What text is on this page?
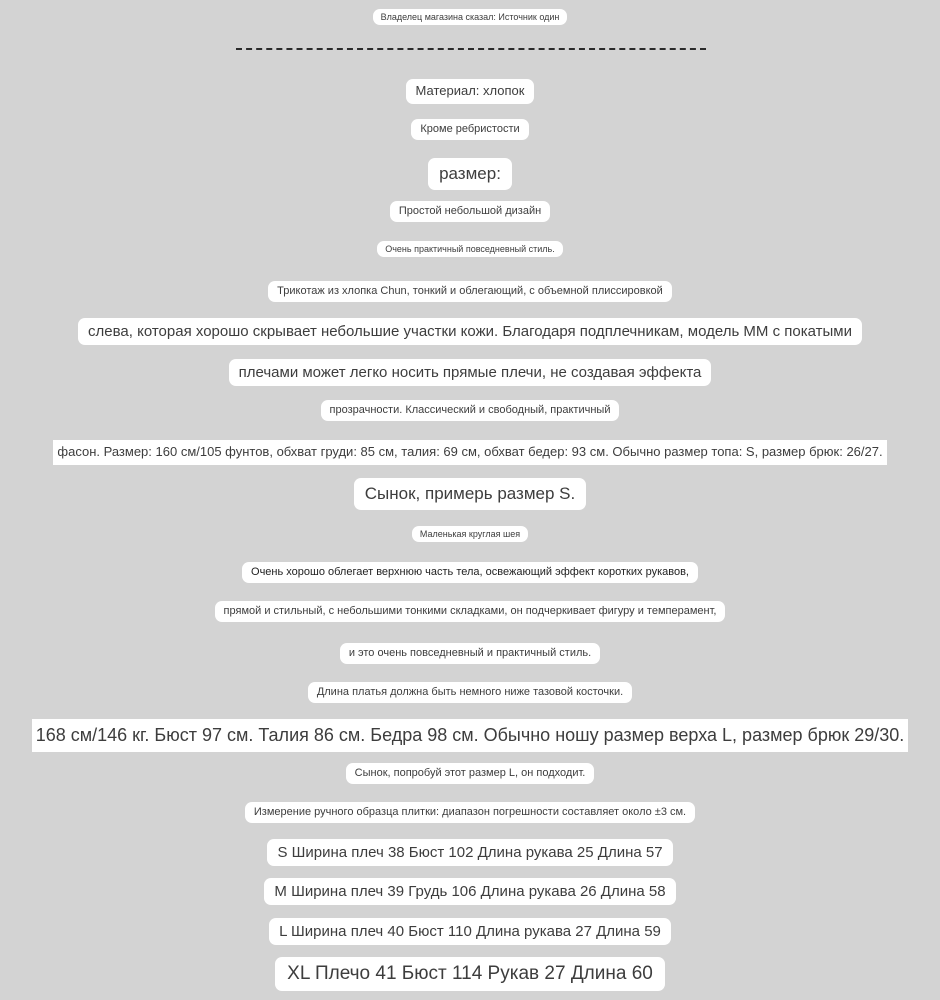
Владелец магазина сказал: Источник один
Материал: хлопок
Кроме ребристости
размер:
Простой небольшой дизайн
Очень практичный повседневный стиль.
Трикотаж из хлопка Chun, тонкий и облегающий, с объемной плиссировкой
слева, которая хорошо скрывает небольшие участки кожи. Благодаря подплечникам, модель ММ с покатыми
плечами может легко носить прямые плечи, не создавая эффекта
прозрачности. Классический и свободный, практичный
фасон. Размер: 160 см/105 фунтов, обхват груди: 85 см, талия: 69 см, обхват бедер: 93 см. Обычно размер топа: S, размер брюк: 26/27.
Сынок, примерь размер S.
Маленькая круглая шея
Очень хорошо облегает верхнюю часть тела, освежающий эффект коротких рукавов,
прямой и стильный, с небольшими тонкими складками, он подчеркивает фигуру и темперамент,
и это очень повседневный и практичный стиль.
Длина платья должна быть немного ниже тазовой косточки.
168 см/146 кг. Бюст 97 см. Талия 86 см. Бедра 98 см. Обычно ношу размер верха L, размер брюк 29/30.
Сынок, попробуй этот размер L, он подходит.
Измерение ручного образца плитки: диапазон погрешности составляет около ±3 см.
S Ширина плеч 38 Бюст 102 Длина рукава 25 Длина 57
M Ширина плеч 39 Грудь 106 Длина рукава 26 Длина 58
L Ширина плеч 40 Бюст 110 Длина рукава 27 Длина 59
XL Плечо 41 Бюст 114 Рукав 27 Длина 60
